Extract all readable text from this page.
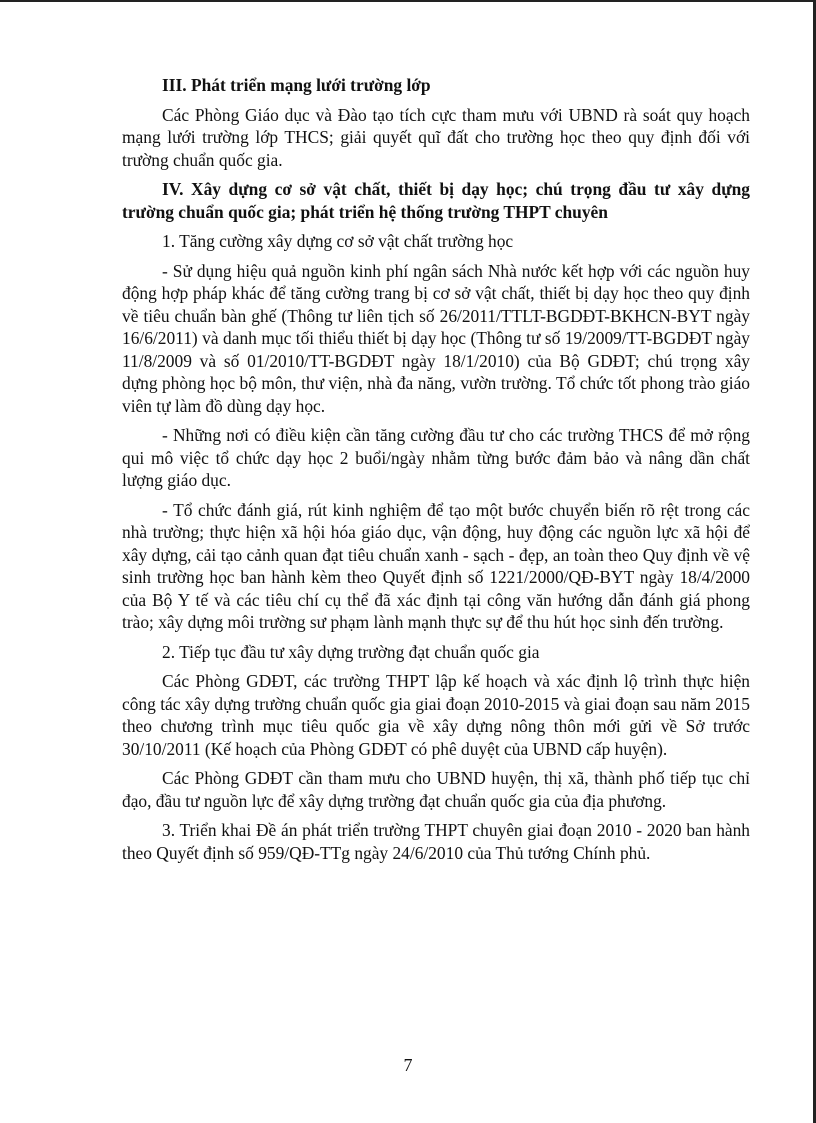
III. Phát triển mạng lưới trường lớp

Các Phòng Giáo dục và Đào tạo tích cực tham mưu với UBND rà soát quy hoạch mạng lưới trường lớp THCS; giải quyết quĩ đất cho trường học theo quy định đối với trường chuẩn quốc gia.

IV. Xây dựng cơ sở vật chất, thiết bị dạy học; chú trọng đầu tư xây dựng trường chuẩn quốc gia; phát triển hệ thống trường THPT chuyên

1. Tăng cường xây dựng cơ sở vật chất trường học

- Sử dụng hiệu quả nguồn kinh phí ngân sách Nhà nước kết hợp với các nguồn huy động hợp pháp khác để tăng cường trang bị cơ sở vật chất, thiết bị dạy học theo quy định về tiêu chuẩn bàn ghế (Thông tư liên tịch số 26/2011/TTLT-BGDĐT-BKHCN-BYT ngày 16/6/2011) và danh mục tối thiểu thiết bị dạy học (Thông tư số 19/2009/TT-BGDĐT ngày 11/8/2009 và số 01/2010/TT-BGDĐT ngày 18/1/2010) của Bộ GDĐT; chú trọng xây dựng phòng học bộ môn, thư viện, nhà đa năng, vườn trường. Tổ chức tốt phong trào giáo viên tự làm đồ dùng dạy học.

- Những nơi có điều kiện cần tăng cường đầu tư cho các trường THCS để mở rộng qui mô việc tổ chức dạy học 2 buổi/ngày nhằm từng bước đảm bảo và nâng dần chất lượng giáo dục.

- Tổ chức đánh giá, rút kinh nghiệm để tạo một bước chuyển biến rõ rệt trong các nhà trường; thực hiện xã hội hóa giáo dục, vận động, huy động các nguồn lực xã hội để xây dựng, cải tạo cảnh quan đạt tiêu chuẩn xanh - sạch - đẹp, an toàn theo Quy định về vệ sinh trường học ban hành kèm theo Quyết định số 1221/2000/QĐ-BYT ngày 18/4/2000 của Bộ Y tế và các tiêu chí cụ thể đã xác định tại công văn hướng dẫn đánh giá phong trào; xây dựng môi trường sư phạm lành mạnh thực sự để thu hút học sinh đến trường.

2. Tiếp tục đầu tư xây dựng trường đạt chuẩn quốc gia

Các Phòng GDĐT, các trường THPT lập kế hoạch và xác định lộ trình thực hiện công tác xây dựng trường chuẩn quốc gia giai đoạn 2010-2015 và giai đoạn sau năm 2015 theo chương trình mục tiêu quốc gia về xây dựng nông thôn mới gửi về Sở trước 30/10/2011 (Kế hoạch của Phòng GDĐT có phê duyệt của UBND cấp huyện).

Các Phòng GDĐT cần tham mưu cho UBND huyện, thị xã, thành phố tiếp tục chỉ đạo, đầu tư nguồn lực để xây dựng trường đạt chuẩn quốc gia của địa phương.

3. Triển khai Đề án phát triển trường THPT chuyên giai đoạn 2010 - 2020 ban hành theo Quyết định số 959/QĐ-TTg ngày 24/6/2010 của Thủ tướng Chính phủ.

7
